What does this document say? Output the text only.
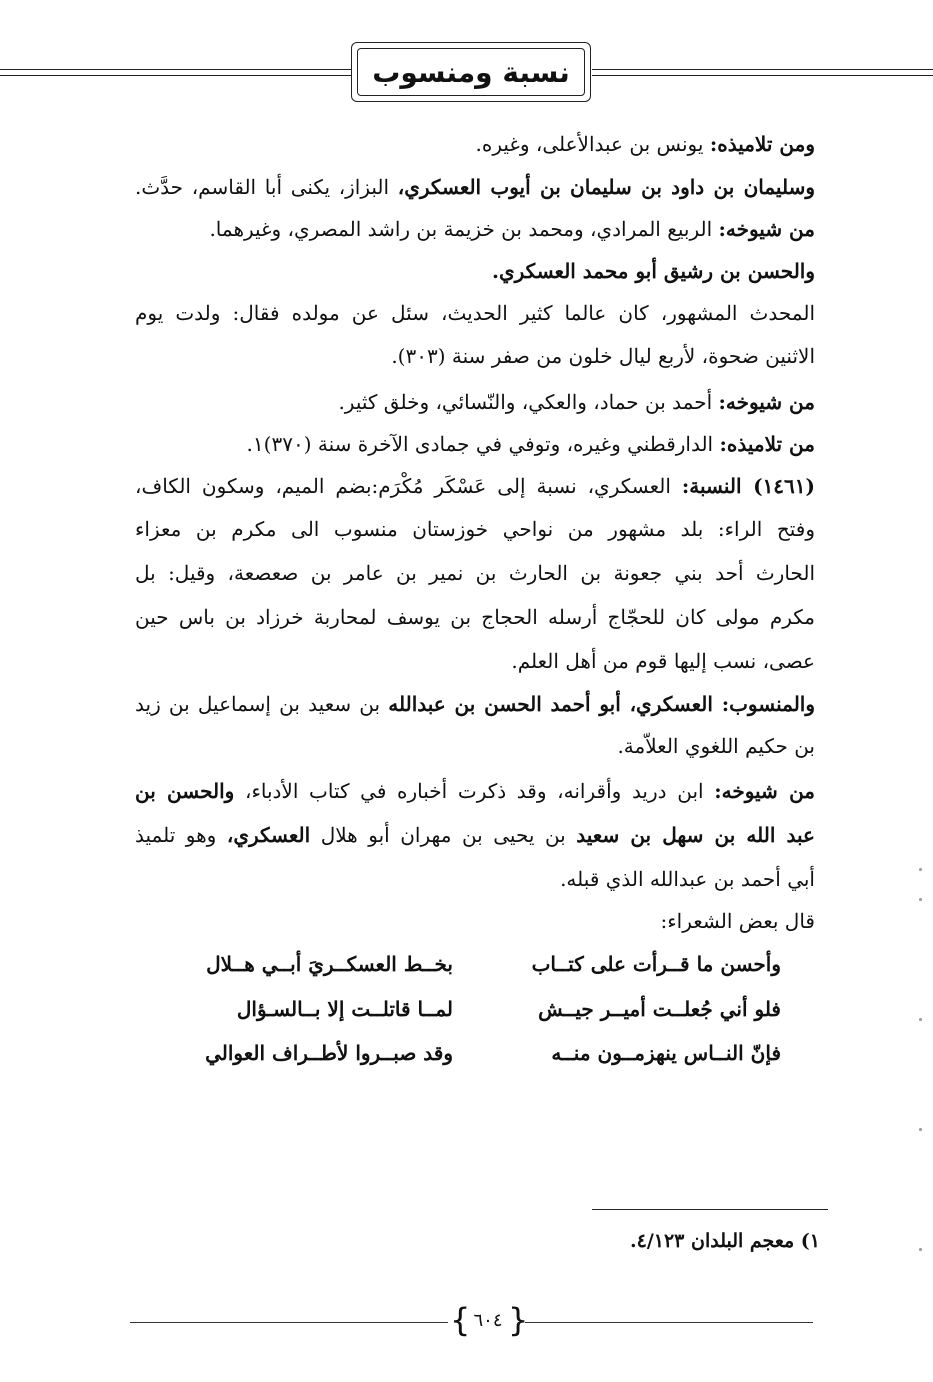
نسبة ومنسوب
ومن تلاميذه: يونس بن عبدالأعلى، وغيره.
وسليمان بن داود بن سليمان بن أيوب العسكري، البزاز، يكنى أبا القاسم، حدَّث.
من شيوخه: الربيع المرادي، ومحمد بن خزيمة بن راشد المصري، وغيرهما.
والحسن بن رشيق أبو محمد العسكري.
المحدث المشهور، كان عالما كثير الحديث، سئل عن مولده فقال: ولدت يوم
الاثنين ضحوة، لأربع ليال خلون من صفر سنة (٣٠٣).
من شيوخه: أحمد بن حماد، والعكي، والنّسائي، وخلق كثير.
من تلاميذه: الدارقطني وغيره، وتوفي في جمادى الآخرة سنة (٣٧٠)١.
(١٤٦١) النسبة: العسكري، نسبة إلى عَسْكَر مُكْرَم:بضم الميم، وسكون الكاف،
وفتح الراء: بلد مشهور من نواحي خوزستان منسوب الى مكرم بن معزاء
الحارث أحد بني جعونة بن الحارث بن نمير بن عامر بن صعصعة، وقيل: بل
مكرم مولى كان للحجّاج أرسله الحجاج بن يوسف لمحاربة خرزاد بن باس حين
عصى، نسب إليها قوم من أهل العلم.
والمنسوب: العسكري، أبو أحمد الحسن بن عبدالله بن سعيد بن إسماعيل بن زيد
بن حكيم اللغوي العلاّمة.
من شيوخه: ابن دريد وأقرانه، وقد ذكرت أخباره في كتاب الأدباء، والحسن بن
عبد الله بن سهل بن سعيد بن يحيى بن مهران أبو هلال العسكري، وهو تلميذ
أبي أحمد بن عبدالله الذي قبله.
قال بعض الشعراء:
وأحسن ما قــرأت على كتــاب
بخــط العسكــريَ أبــي هــلال
فلو أني جُعلــت أميــر جيــش
لمــا قاتلــت إلا بــالسـؤال
فإنّ النــاس ينهزمــون منــه
وقد صبــروا لأطــراف العوالي
١) معجم البلدان ٤/١٢٣.
{ ٦٠٤ }
